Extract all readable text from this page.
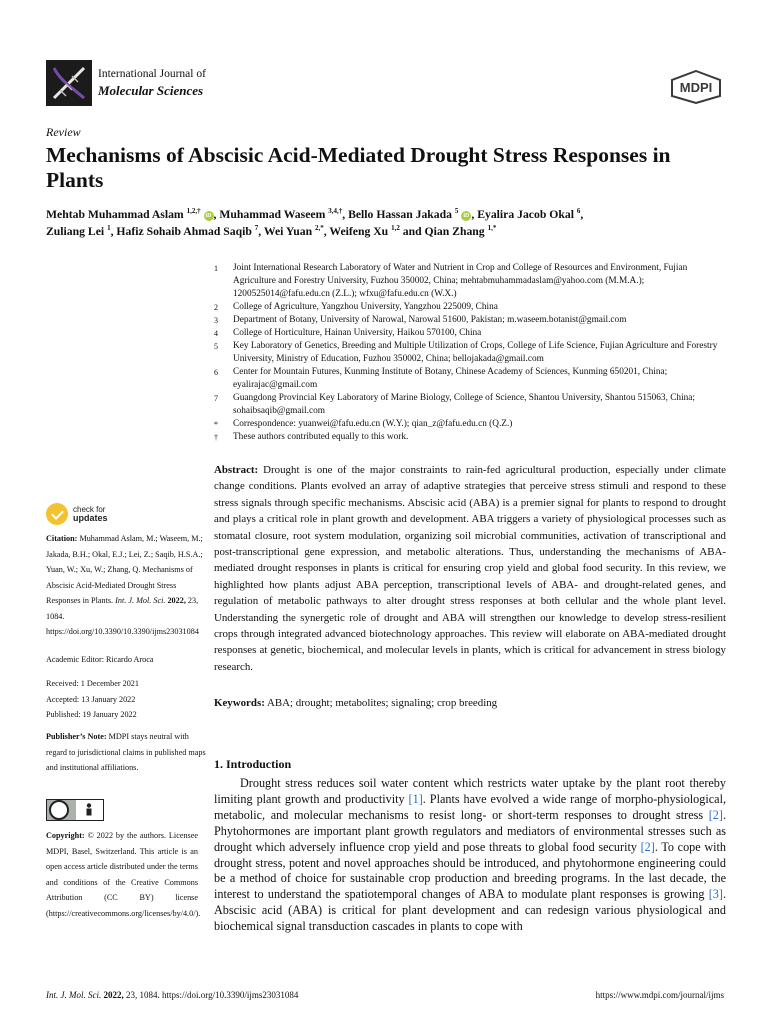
International Journal of
Molecular Sciences	MDPI
Review
Mechanisms of Abscisic Acid-Mediated Drought Stress Responses in Plants
Mehtab Muhammad Aslam $^{1,2,\dagger}$ iD , Muhammad Waseem $^{3,4,\dagger}$, Bello Hassan Jakada $^5$ iD , Eyalira Jacob Okal $^6$,
Zuliang Lei $^1$, Hafiz Sohaib Ahmad Saqib $^7$, Wei Yuan $^{2,*}$, Weifeng Xu $^{1,2}$ and Qian Zhang $^{1,*}$
1	Joint International Research Laboratory of Water and Nutrient in Crop and College of Resources and Environment, Fujian Agriculture and Forestry University, Fuzhou 350002, China; mehtabmuhammadaslam@yahoo.com (M.M.A.); 1200525014@fafu.edu.cn (Z.L.); wfxu@fafu.edu.cn (W.X.)
2	College of Agriculture, Yangzhou University, Yangzhou 225009, China
3	Department of Botany, University of Narowal, Narowal 51600, Pakistan; m.waseem.botanist@gmail.com
4	College of Horticulture, Hainan University, Haikou 570100, China
5	Key Laboratory of Genetics, Breeding and Multiple Utilization of Crops, College of Life Science, Fujian Agriculture and Forestry University, Ministry of Education, Fuzhou 350002, China; bellojakada@gmail.com
6	Center for Mountain Futures, Kunming Institute of Botany, Chinese Academy of Sciences, Kunming 650201, China; eyalirajac@gmail.com
7	Guangdong Provincial Key Laboratory of Marine Biology, College of Science, Shantou University, Shantou 515063, China; sohaibsaqib@gmail.com
*	Correspondence: yuanwei@fafu.edu.cn (W.Y.); qian_z@fafu.edu.cn (Q.Z.)
†	These authors contributed equally to this work.
check for
updates
Citation: Muhammad Aslam, M.; Waseem, M.; Jakada, B.H.; Okal, E.J.; Lei, Z.; Saqib, H.S.A.; Yuan, W.; Xu, W.; Zhang, Q. Mechanisms of Abscisic Acid-Mediated Drought Stress Responses in Plants. Int. J. Mol. Sci. 2022, 23, 1084. https://doi.org/10.3390/10.3390/ijms23031084
Academic Editor: Ricardo Aroca
Received: 1 December 2021
Accepted: 13 January 2022
Published: 19 January 2022
Publisher’s Note: MDPI stays neutral with regard to jurisdictional claims in published maps and institutional affiliations.
Copyright: © 2022 by the authors. Licensee MDPI, Basel, Switzerland. This article is an open access article distributed under the terms and conditions of the Creative Commons Attribution (CC BY) license (https://creativecommons.org/licenses/by/4.0/).
Abstract: Drought is one of the major constraints to rain-fed agricultural production, especially under climate change conditions. Plants evolved an array of adaptive strategies that perceive stress stimuli and respond to these stress signals through specific mechanisms. Abscisic acid (ABA) is a premier signal for plants to respond to drought and plays a critical role in plant growth and development. ABA triggers a variety of physiological processes such as stomatal closure, root system modulation, organizing soil microbial communities, activation of transcriptional and post-transcriptional gene expression, and metabolic alterations. Thus, understanding the mechanisms of ABA-mediated drought responses in plants is critical for ensuring crop yield and global food security. In this review, we highlighted how plants adjust ABA perception, transcriptional levels of ABA- and drought-related genes, and regulation of metabolic pathways to alter drought stress responses at both cellular and the whole plant level. Understanding the synergetic role of drought and ABA will strengthen our knowledge to develop stress-resilient crops through integrated advanced biotechnology approaches. This review will elaborate on ABA-mediated drought responses at genetic, biochemical, and molecular levels in plants, which is critical for advancement in stress biology research.
Keywords: ABA; drought; metabolites; signaling; crop breeding
1. Introduction

Drought stress reduces soil water content which restricts water uptake by the plant root thereby limiting plant growth and productivity [1]. Plants have evolved a wide range of morpho-physiological, metabolic, and molecular mechanisms to resist long- or short-term responses to drought stress [2]. Phytohormones are important plant growth regulators and mediators of environmental stresses such as drought which adversely influence crop yield and pose threats to global food security [2]. To cope with drought stress, potent and novel approaches should be introduced, and phytohormone engineering could be a method of choice for sustainable crop production and breeding programs. In the last decade, the interest to understand the spatiotemporal changes of ABA to modulate plant responses is growing [3]. Abscisic acid (ABA) is critical for plant development and can redesign various physiological and biochemical signal transduction cascades in plants to cope with

Int. J. Mol. Sci. 2022, 23, 1084. https://doi.org/10.3390/ijms23031084	https://www.mdpi.com/journal/ijms
